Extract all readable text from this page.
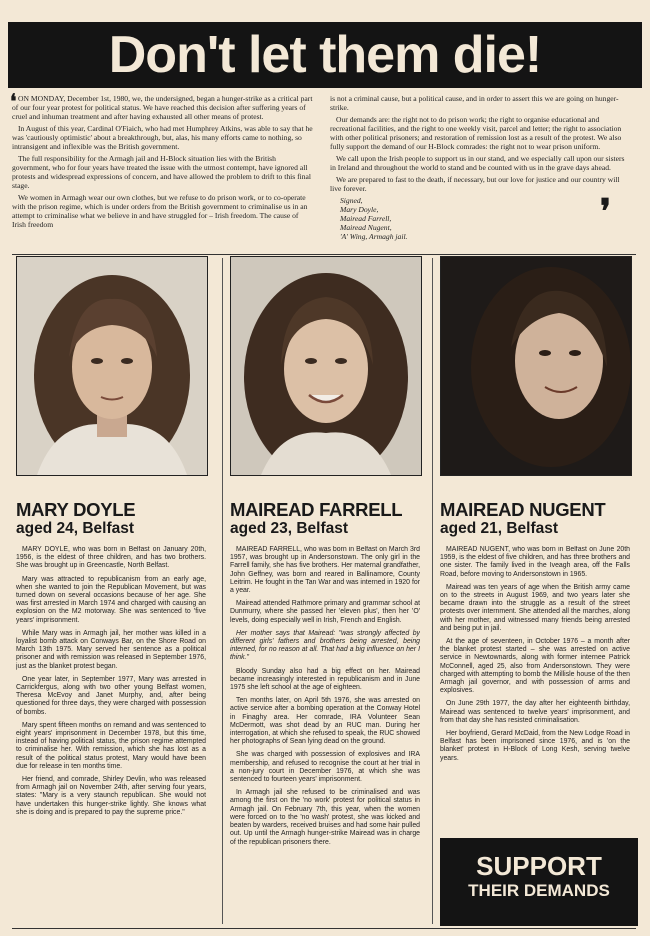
Don't let them die!
❛ ON MONDAY, December 1st, 1980, we, the undersigned, began a hunger-strike as a critical part of our four year protest for political status. We have reached this decision after suffering years of cruel and inhuman treatment and after having exhausted all other means of protest.

In August of this year, Cardinal O'Fiaich, who had met Humphrey Atkins, was able to say that he was 'cautiously optimistic' about a breakthrough, but, alas, his many efforts came to nothing, so intransigent and inflexible was the British government.

The full responsibility for the Armagh jail and H-Block situation lies with the British government, who for four years have treated the issue with the utmost contempt, have ignored all protests and widespread expressions of concern, and have allowed the problem to drift to this final stage.

We women in Armagh wear our own clothes, but we refuse to do prison work, or to co-operate with the prison regime, which is under orders from the British government to criminalise us in an attempt to criminalise what we believe in and have struggled for – Irish freedom. The cause of Irish freedom

is not a criminal cause, but a political cause, and in order to assert this we are going on hunger-strike.

Our demands are: the right not to do prison work; the right to organise educational and recreational facilities, and the right to one weekly visit, parcel and letter; the right to association with other political prisoners; and restoration of remission lost as a result of the protest. We also fully support the demand of our H-Block comrades: the right not to wear prison uniform.

We call upon the Irish people to support us in our stand, and we especially call upon our sisters in Ireland and throughout the world to stand and be counted with us in the grave days ahead.

We are prepared to fast to the death, if necessary, but our love for justice and our country will live forever.

Signed,

Mary Doyle,

Mairead Farrell,

Mairead Nugent,

'A' Wing, Armagh jail.

❜
MARY DOYLE
aged 24, Belfast

MARY DOYLE, who was born in Belfast on January 20th, 1956, is the eldest of three children, and has two brothers. She was brought up in Greencastle, North Belfast.

Mary was attracted to republicanism from an early age, when she wanted to join the Republican Movement, but was turned down on several occasions because of her age. She was first arrested in March 1974 and charged with causing an explosion on the M2 motorway. She was sentenced to 'five years' imprisonment.

While Mary was in Armagh jail, her mother was killed in a loyalist bomb attack on Conways Bar, on the Shore Road on March 13th 1975. Mary served her sentence as a political prisoner and with remission was released in September 1976, just as the blanket protest began.

One year later, in September 1977, Mary was arrested in Carrickfergus, along with two other young Belfast women, Theresa McEvoy and Janet Murphy, and, after being questioned for three days, they were charged with possession of bombs.

Mary spent fifteen months on remand and was sentenced to eight years' imprisonment in December 1978, but this time, instead of having political status, the prison regime attempted to criminalise her. With remission, which she has lost as a result of the political status protest, Mary would have been due for release in ten months time.

Her friend, and comrade, Shirley Devlin, who was released from Armagh jail on November 24th, after serving four years, states: "Mary is a very staunch republican. She would not have undertaken this hunger-strike lightly. She knows what she is doing and is prepared to pay the supreme price."

MAIREAD FARRELL
aged 23, Belfast

MAIREAD FARRELL, who was born in Belfast on March 3rd 1957, was brought up in Andersonstown. The only girl in the Farrell family, she has five brothers. Her maternal grandfather, John Geffney, was born and reared in Ballinamore, County Leitrim. He fought in the Tan War and was interned in 1920 for a year.

Mairead attended Rathmore primary and grammar school at Dunmurry, where she passed her 'eleven plus', then her 'O' levels, doing especially well in Irish, French and English.

Her mother says that Mairead: "was strongly affected by different girls' fathers and brothers being arrested, being interned, for no reason at all. That had a big influence on her I think."

Bloody Sunday also had a big effect on her. Mairead became increasingly interested in republicanism and in June 1975 she left school at the age of eighteen.

Ten months later, on April 5th 1976, she was arrested on active service after a bombing operation at the Conway Hotel in Finaghy area. Her comrade, IRA Volunteer Sean McDermott, was shot dead by an RUC man. During her interrogation, at which she refused to speak, the RUC showed her photographs of Sean lying dead on the ground.

She was charged with possession of explosives and IRA membership, and refused to recognise the court at her trial in a non-jury court in December 1976, at which she was sentenced to fourteen years' imprisonment.

In Armagh jail she refused to be criminalised and was among the first on the 'no work' protest for political status in Armagh jail. On February 7th, this year, when the women were forced on to the 'no wash' protest, she was kicked and beaten by warders, received bruises and had some hair pulled out. Up until the Armagh hunger-strike Mairead was in charge of the republican prisoners there.

MAIREAD NUGENT
aged 21, Belfast

MAIREAD NUGENT, who was born in Belfast on June 20th 1959, is the eldest of five children, and has three brothers and one sister. The family lived in the Iveagh area, off the Falls Road, before moving to Andersonstown in 1965.

Mairead was ten years of age when the British army came on to the streets in August 1969, and two years later she became drawn into the struggle as a result of the street protests over internment. She attended all the marches, along with her mother, and witnessed many friends being arrested and being put in jail.

At the age of seventeen, in October 1976 – a month after the blanket protest started – she was arrested on active service in Newtownards, along with former internee Patrick McConnell, aged 25, also from Andersonstown. They were charged with attempting to bomb the Millisle house of the then Armagh jail governor, and with possession of arms and explosives.

On June 29th 1977, the day after her eighteenth birthday, Mairead was sentenced to twelve years' imprisonment, and from that day she has resisted criminalisation.

Her boyfriend, Gerard McDaid, from the New Lodge Road in Belfast has been imprisoned since 1976, and is 'on the blanket' protest in H-Block of Long Kesh, serving twelve years.

SUPPORT
THEIR DEMANDS
